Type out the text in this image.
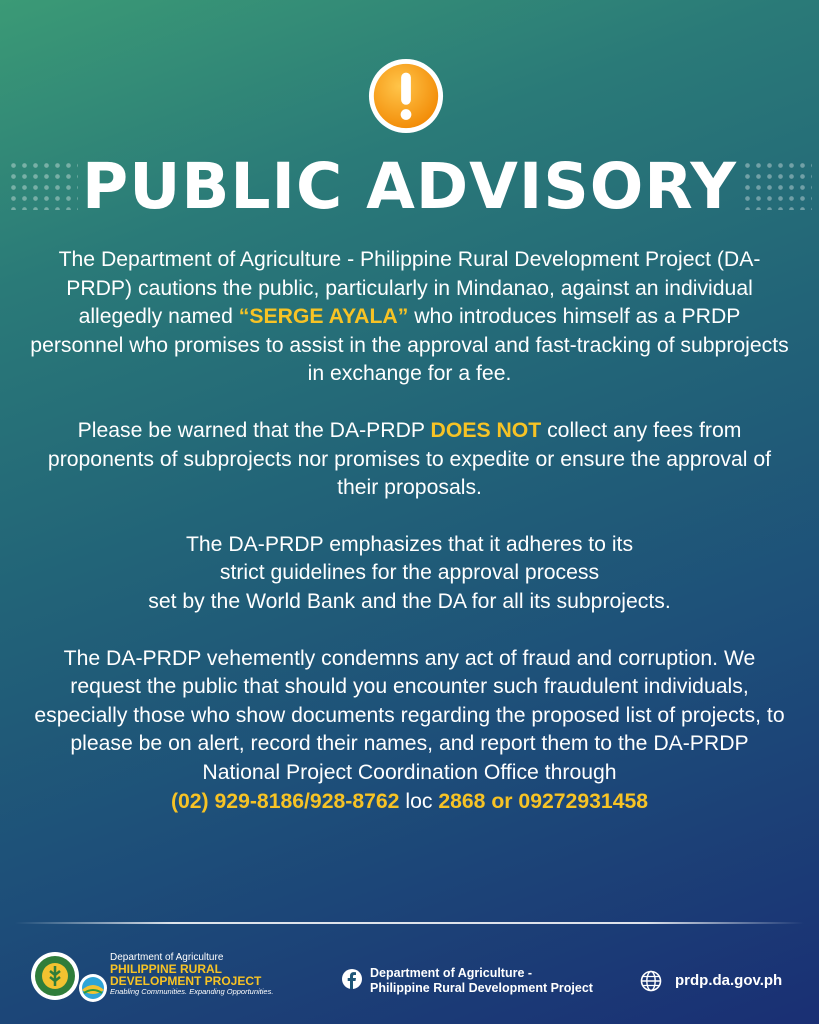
PUBLIC ADVISORY

The Department of Agriculture - Philippine Rural Development Project (DA-PRDP) cautions the public, particularly in Mindanao, against an individual allegedly named “SERGE AYALA” who introduces himself as a PRDP personnel who promises to assist in the approval and fast-tracking of subprojects in exchange for a fee.

Please be warned that the DA-PRDP DOES NOT collect any fees from proponents of subprojects nor promises to expedite or ensure the approval of their proposals.

The DA-PRDP emphasizes that it adheres to its
strict guidelines for the approval process
set by the World Bank and the DA for all its subprojects.

The DA-PRDP vehemently condemns any act of fraud and corruption. We request the public that should you encounter such fraudulent individuals, especially those who show documents regarding the proposed list of projects, to please be on alert, record their names, and report them to the DA-PRDP National Project Coordination Office through
(02) 929-8186/928-8762 loc 2868 or 09272931458

Department of Agriculture
PHILIPPINE RURAL
DEVELOPMENT PROJECT
Enabling Communities. Expanding Opportunities.
Department of Agriculture -
Philippine Rural Development Project	prdp.da.gov.ph
